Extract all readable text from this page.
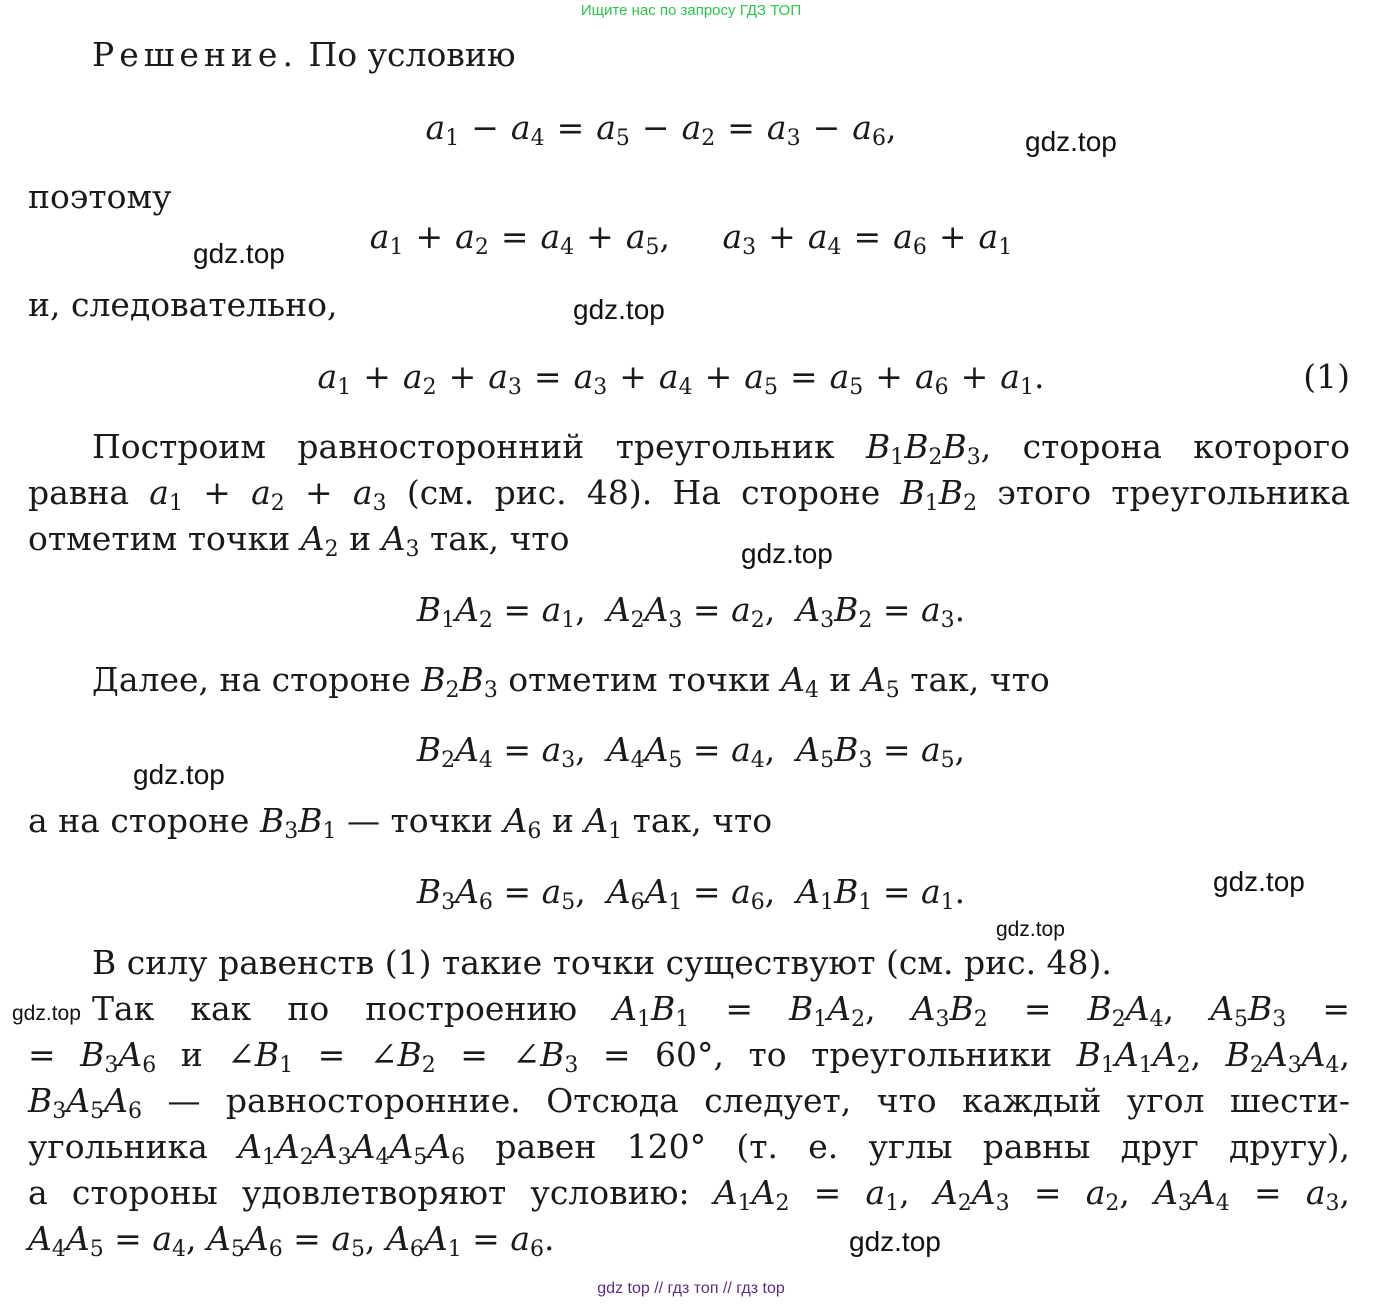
Ищите нас по запросу ГДЗ ТОП
gdz.top
gdz.top
gdz.top
gdz.top
gdz.top
gdz.top
gdz.top
gdz.top
gdz.top
Решение. По условию
$a_1 - a_4 = a_5 - a_2 = a_3 - a_6$,
поэтому
$a_1 + a_2 = a_4 + a_5$,     $a_3 + a_4 = a_6 + a_1$
и, следовательно,
$a_1 + a_2 + a_3 = a_3 + a_4 + a_5 = a_5 + a_6 + a_1$.	(1)
Построим равносторонний треугольник $B_1B_2B_3$, сторона которого
равна $a_1 + a_2 + a_3$ (см. рис. 48). На стороне $B_1B_2$ этого треугольника
отметим точки $A_2$ и $A_3$ так, что
$B_1A_2 = a_1$,  $A_2A_3 = a_2$,  $A_3B_2 = a_3$.
Далее, на стороне $B_2B_3$ отметим точки $A_4$ и $A_5$ так, что
$B_2A_4 = a_3$,  $A_4A_5 = a_4$,  $A_5B_3 = a_5$,
а на стороне $B_3B_1$ — точки $A_6$ и $A_1$ так, что
$B_3A_6 = a_5$,  $A_6A_1 = a_6$,  $A_1B_1 = a_1$.
В силу равенств (1) такие точки существуют (см. рис. 48).
Так как по построению $A_1B_1 = B_1A_2$, $A_3B_2 = B_2A_4$, $A_5B_3$ =
= $B_3A_6$ и $\angle B_1$ = $\angle B_2$ = $\angle B_3 = 60^\circ$, то треугольники $B_1A_1A_2$, $B_2A_3A_4$,
$B_3A_5A_6$ — равносторонние. Отсюда следует, что каждый угол шести-
угольника $A_1A_2A_3A_4A_5A_6$ равен 120° (т. е. углы равны друг другу),
а стороны удовлетворяют условию: $A_1A_2 = a_1$, $A_2A_3 = a_2$, $A_3A_4 = a_3$,
$A_4A_5 = a_4$, $A_5A_6 = a_5$, $A_6A_1 = a_6$.
gdz top // гдз топ // гдз top
